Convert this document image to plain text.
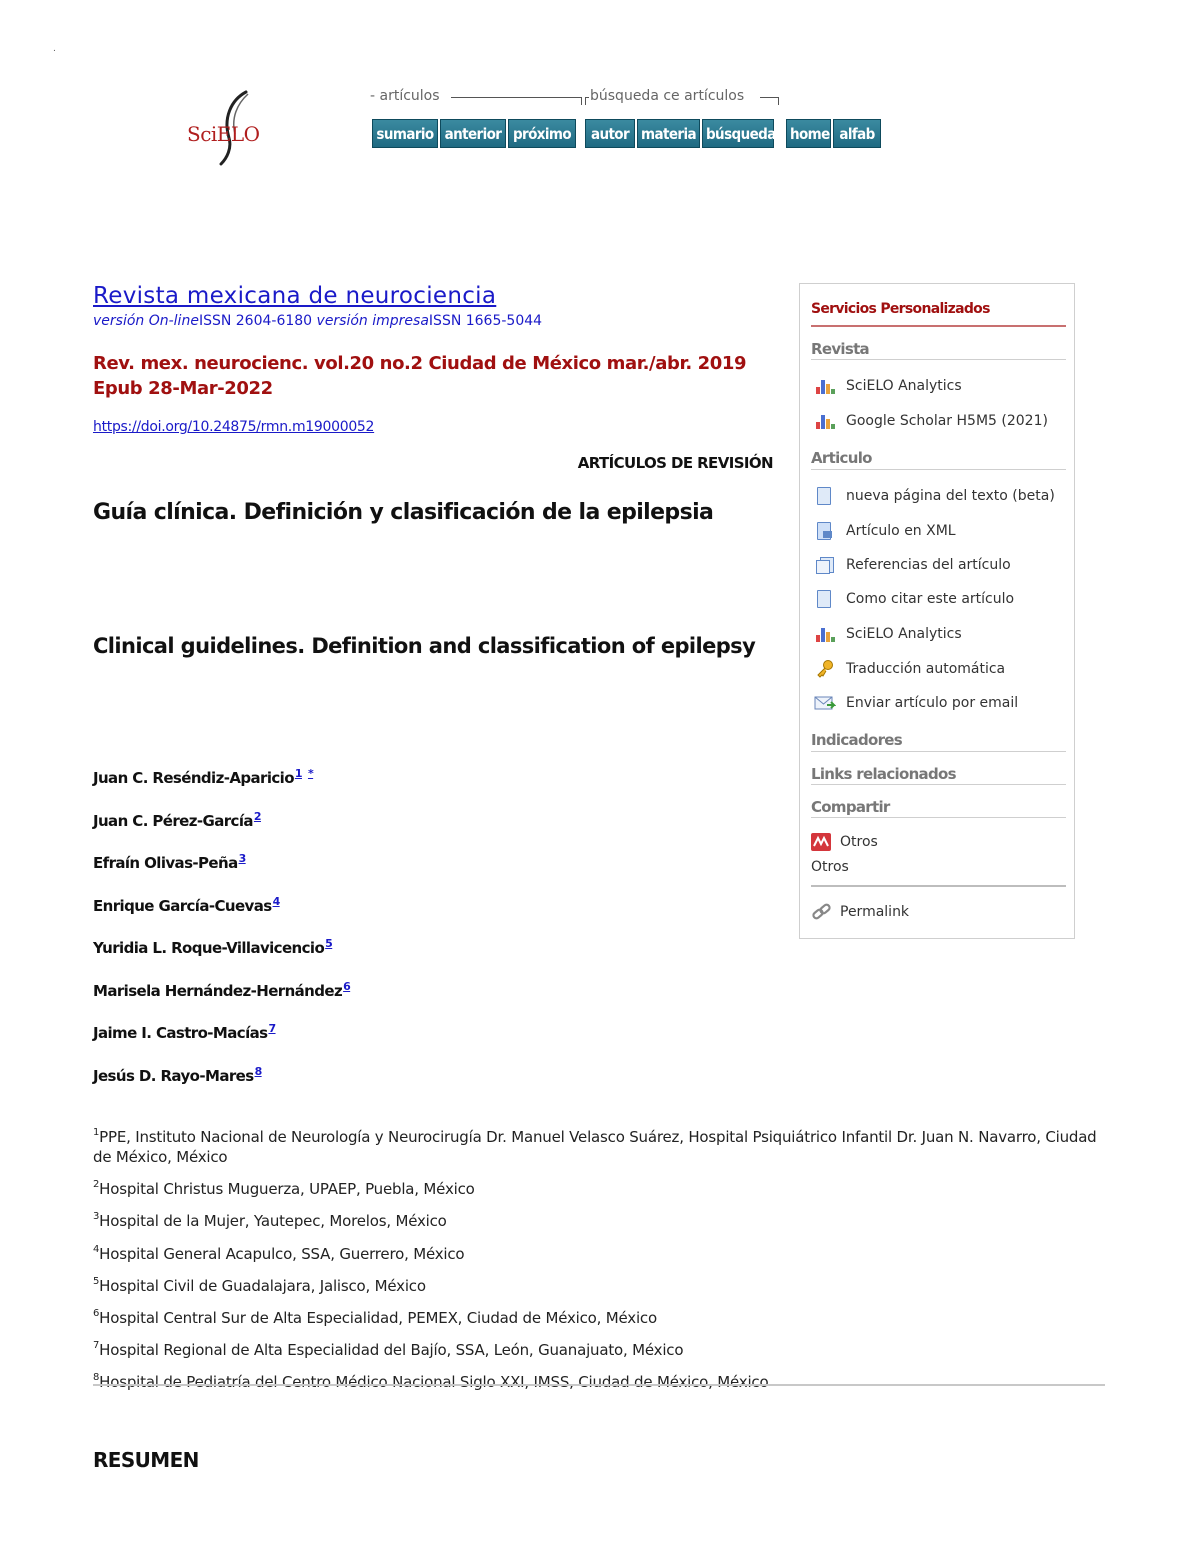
.
SciELO
- artículos	búsqueda ce artículos
sumario anterior próximo	autor materia búsqueda home alfab
Revista mexicana de neurociencia
versión On-lineISSN 2604-6180 versión impresaISSN 1665-5044
Rev. mex. neurocienc. vol.20 no.2 Ciudad de México mar./abr. 2019 Epub 28-Mar-2022
https://doi.org/10.24875/rmn.m19000052
ARTÍCULOS DE REVISIÓN
Guía clínica. Definición y clasificación de la epilepsia
Clinical guidelines. Definition and classification of epilepsy
Juan C. Reséndiz-Aparicio$^1$ *
Juan C. Pérez-García$^2$
Efraín Olivas-Peña$^3$
Enrique García-Cuevas$^4$
Yuridia L. Roque-Villavicencio$^5$
Marisela Hernández-Hernández$^6$
Jaime I. Castro-Macías$^7$
Jesús D. Rayo-Mares$^8$
$^1$PPE, Instituto Nacional de Neurología y Neurocirugía Dr. Manuel Velasco Suárez, Hospital Psiquiátrico Infantil Dr. Juan N. Navarro, Ciudad de México, México
$^2$Hospital Christus Muguerza, UPAEP, Puebla, México
$^3$Hospital de la Mujer, Yautepec, Morelos, México
$^4$Hospital General Acapulco, SSA, Guerrero, México
$^5$Hospital Civil de Guadalajara, Jalisco, México
$^6$Hospital Central Sur de Alta Especialidad, PEMEX, Ciudad de México, México
$^7$Hospital Regional de Alta Especialidad del Bajío, SSA, León, Guanajuato, México
$^8$Hospital de Pediatría del Centro Médico Nacional Siglo XXI, IMSS, Ciudad de México, México
RESUMEN
Servicios Personalizados
Revista
SciELO Analytics
Google Scholar H5M5 (2021)
Articulo
nueva página del texto (beta)
Artículo en XML
Referencias del artículo
Como citar este artículo
SciELO Analytics
Traducción automática
Enviar artículo por email
Indicadores
Links relacionados
Compartir
Otros
Otros
Permalink
